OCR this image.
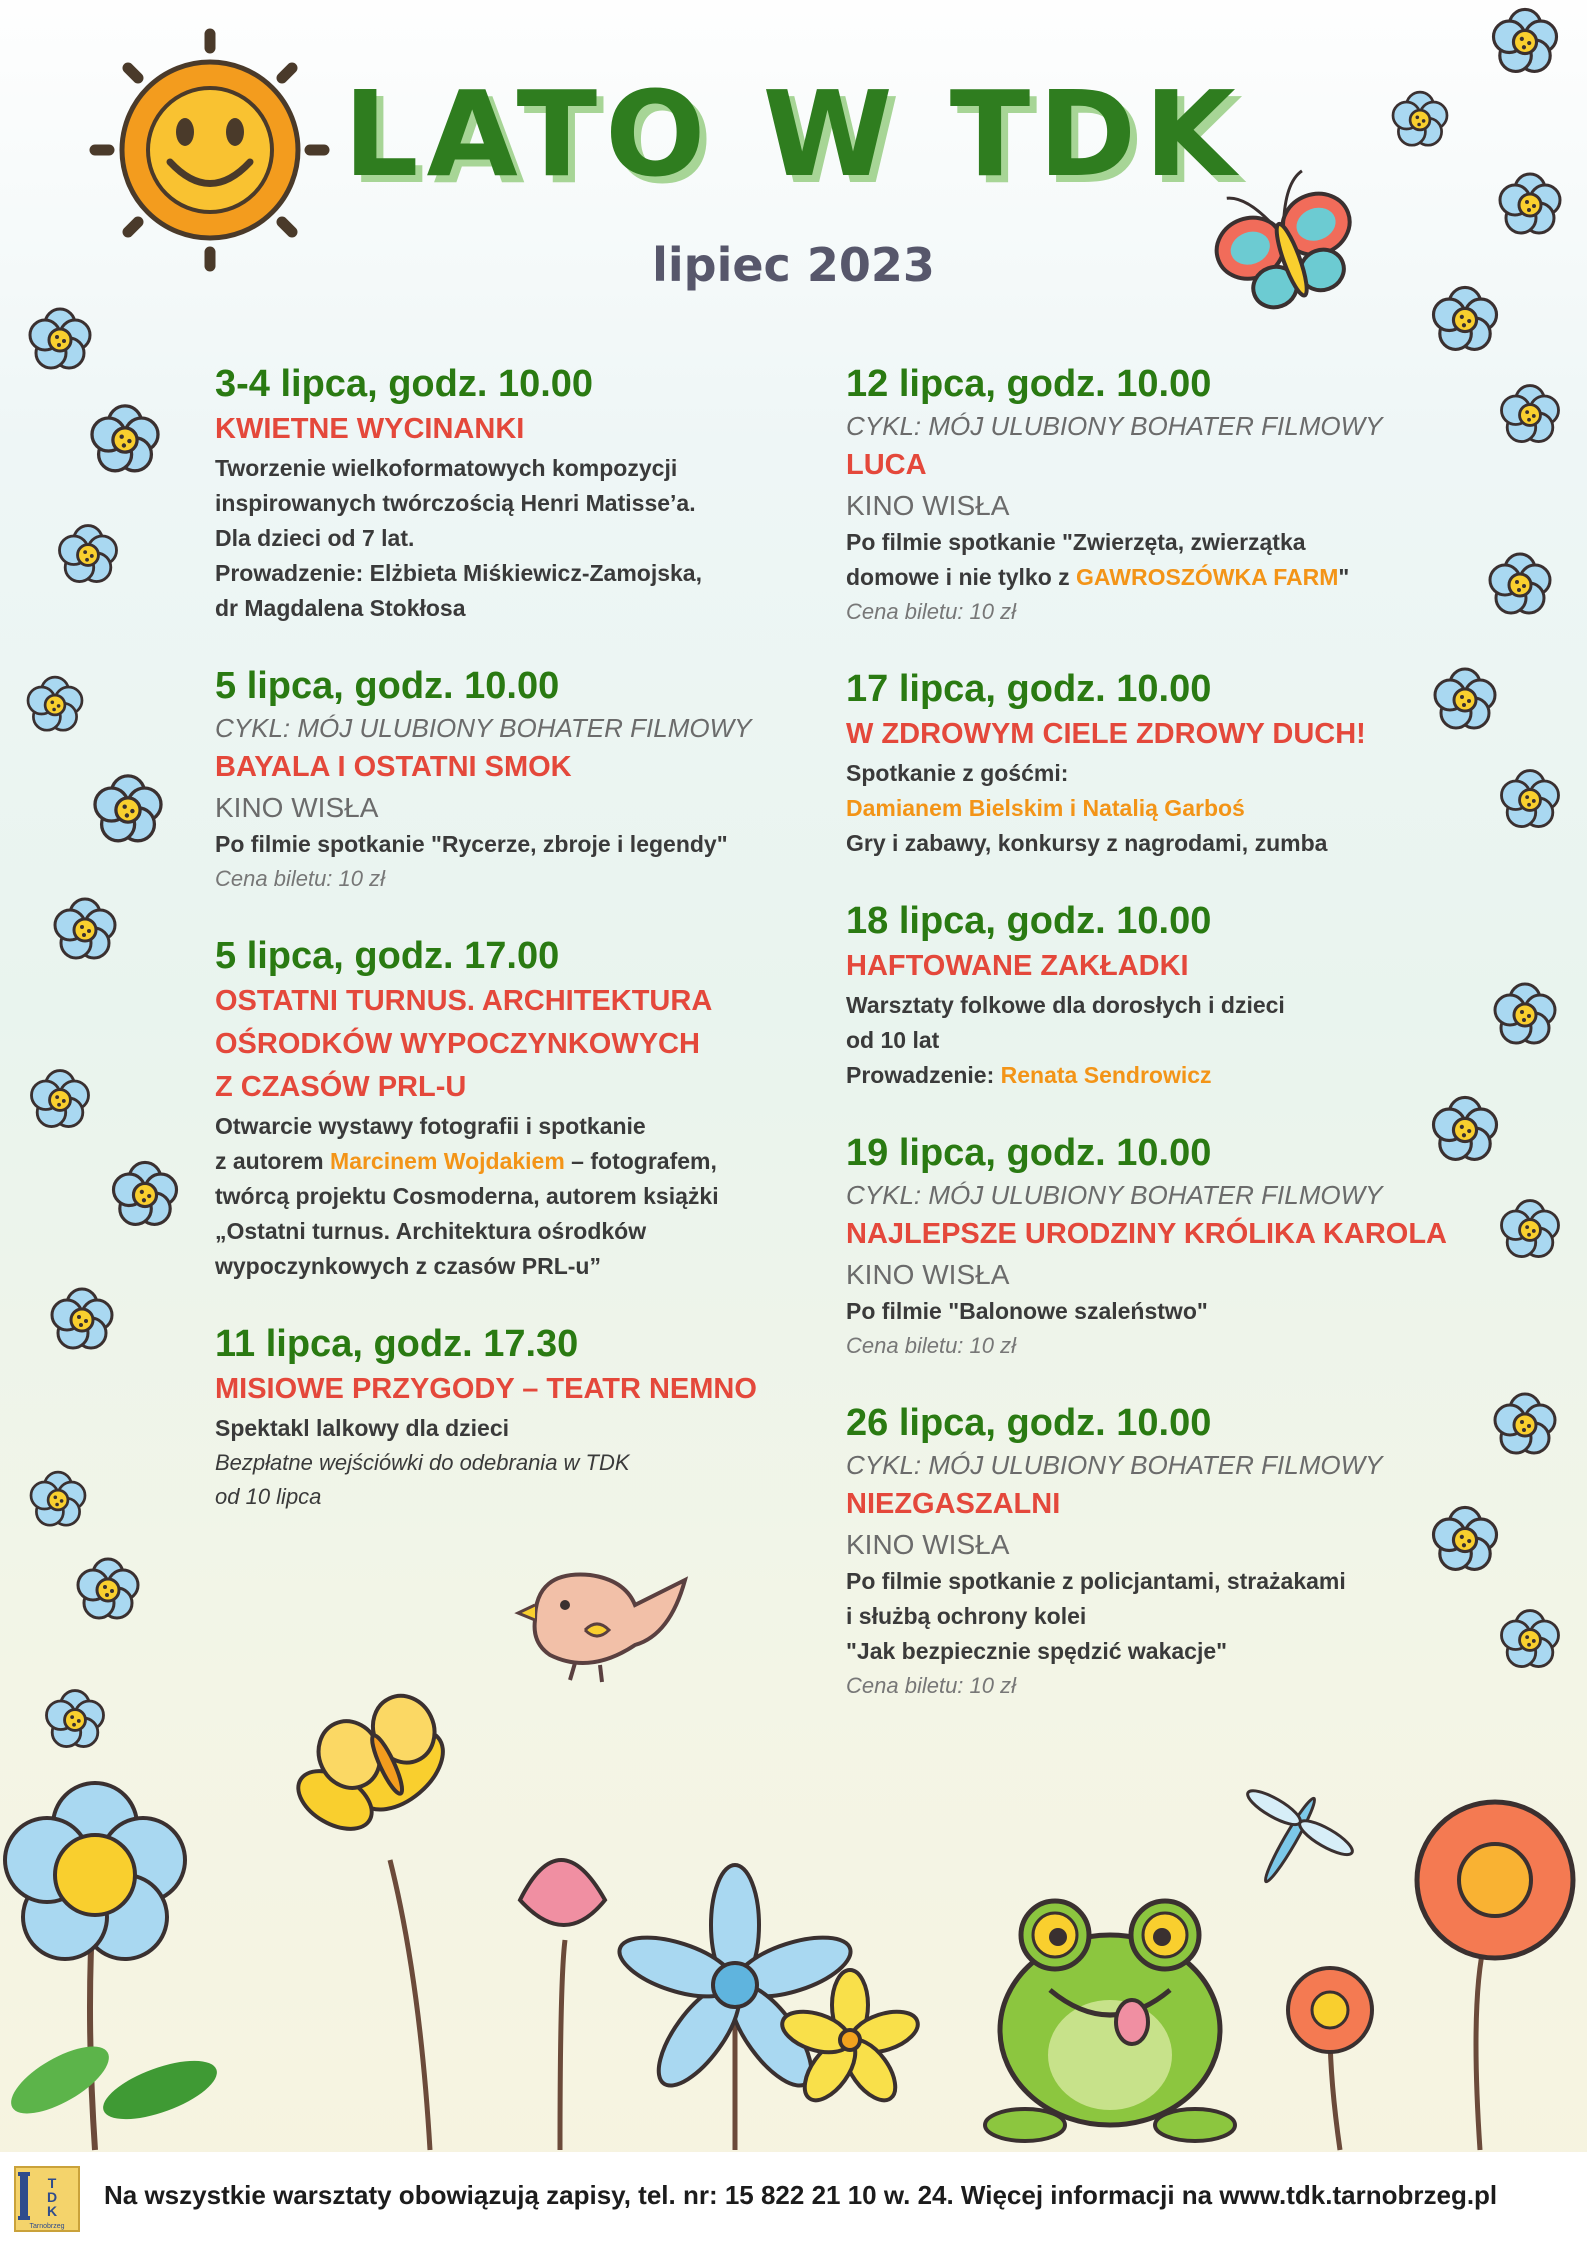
LATO W TDK
lipiec 2023
3-4 lipca, godz. 10.00
KWIETNE WYCINANKI
Tworzenie wielkoformatowych kompozycji
inspirowanych twórczością Henri Matisse’a.
Dla dzieci od 7 lat.
Prowadzenie: Elżbieta Miśkiewicz-Zamojska,
dr Magdalena Stokłosa
5 lipca, godz. 10.00
CYKL: MÓJ ULUBIONY BOHATER FILMOWY
BAYALA I OSTATNI SMOK
KINO WISŁA
Po filmie spotkanie "Rycerze, zbroje i legendy"
Cena biletu: 10 zł
5 lipca, godz. 17.00
OSTATNI TURNUS. ARCHITEKTURA
OŚRODKÓW WYPOCZYNKOWYCH
Z CZASÓW PRL-U
Otwarcie wystawy fotografii i spotkanie
z autorem Marcinem Wojdakiem – fotografem,
twórcą projektu Cosmoderna, autorem książki
„Ostatni turnus. Architektura ośrodków
wypoczynkowych z czasów PRL-u”
11 lipca, godz. 17.30
MISIOWE PRZYGODY – TEATR NEMNO
Spektakl lalkowy dla dzieci
Bezpłatne wejściówki do odebrania w TDK
od 10 lipca
12 lipca, godz. 10.00
CYKL: MÓJ ULUBIONY BOHATER FILMOWY
LUCA
KINO WISŁA
Po filmie spotkanie "Zwierzęta, zwierzątka
domowe i nie tylko z GAWROSZÓWKA FARM"
Cena biletu: 10 zł
17 lipca, godz. 10.00
W ZDROWYM CIELE ZDROWY DUCH!
Spotkanie z gośćmi:
Damianem Bielskim i Natalią Garboś
Gry i zabawy, konkursy z nagrodami, zumba
18 lipca, godz. 10.00
HAFTOWANE ZAKŁADKI
Warsztaty folkowe dla dorosłych i dzieci
od 10 lat
Prowadzenie: Renata Sendrowicz
19 lipca, godz. 10.00
CYKL: MÓJ ULUBIONY BOHATER FILMOWY
NAJLEPSZE URODZINY KRÓLIKA KAROLA
KINO WISŁA
Po filmie "Balonowe szaleństwo"
Cena biletu: 10 zł
26 lipca, godz. 10.00
CYKL: MÓJ ULUBIONY BOHATER FILMOWY
NIEZGASZALNI
KINO WISŁA
Po filmie spotkanie z policjantami, strażakami
i służbą ochrony kolei
"Jak bezpiecznie spędzić wakacje"
Cena biletu: 10 zł
T
D
K
Tarnobrzeg
Na wszystkie warsztaty obowiązują zapisy, tel. nr: 15 822 21 10 w. 24. Więcej informacji na www.tdk.tarnobrzeg.pl
